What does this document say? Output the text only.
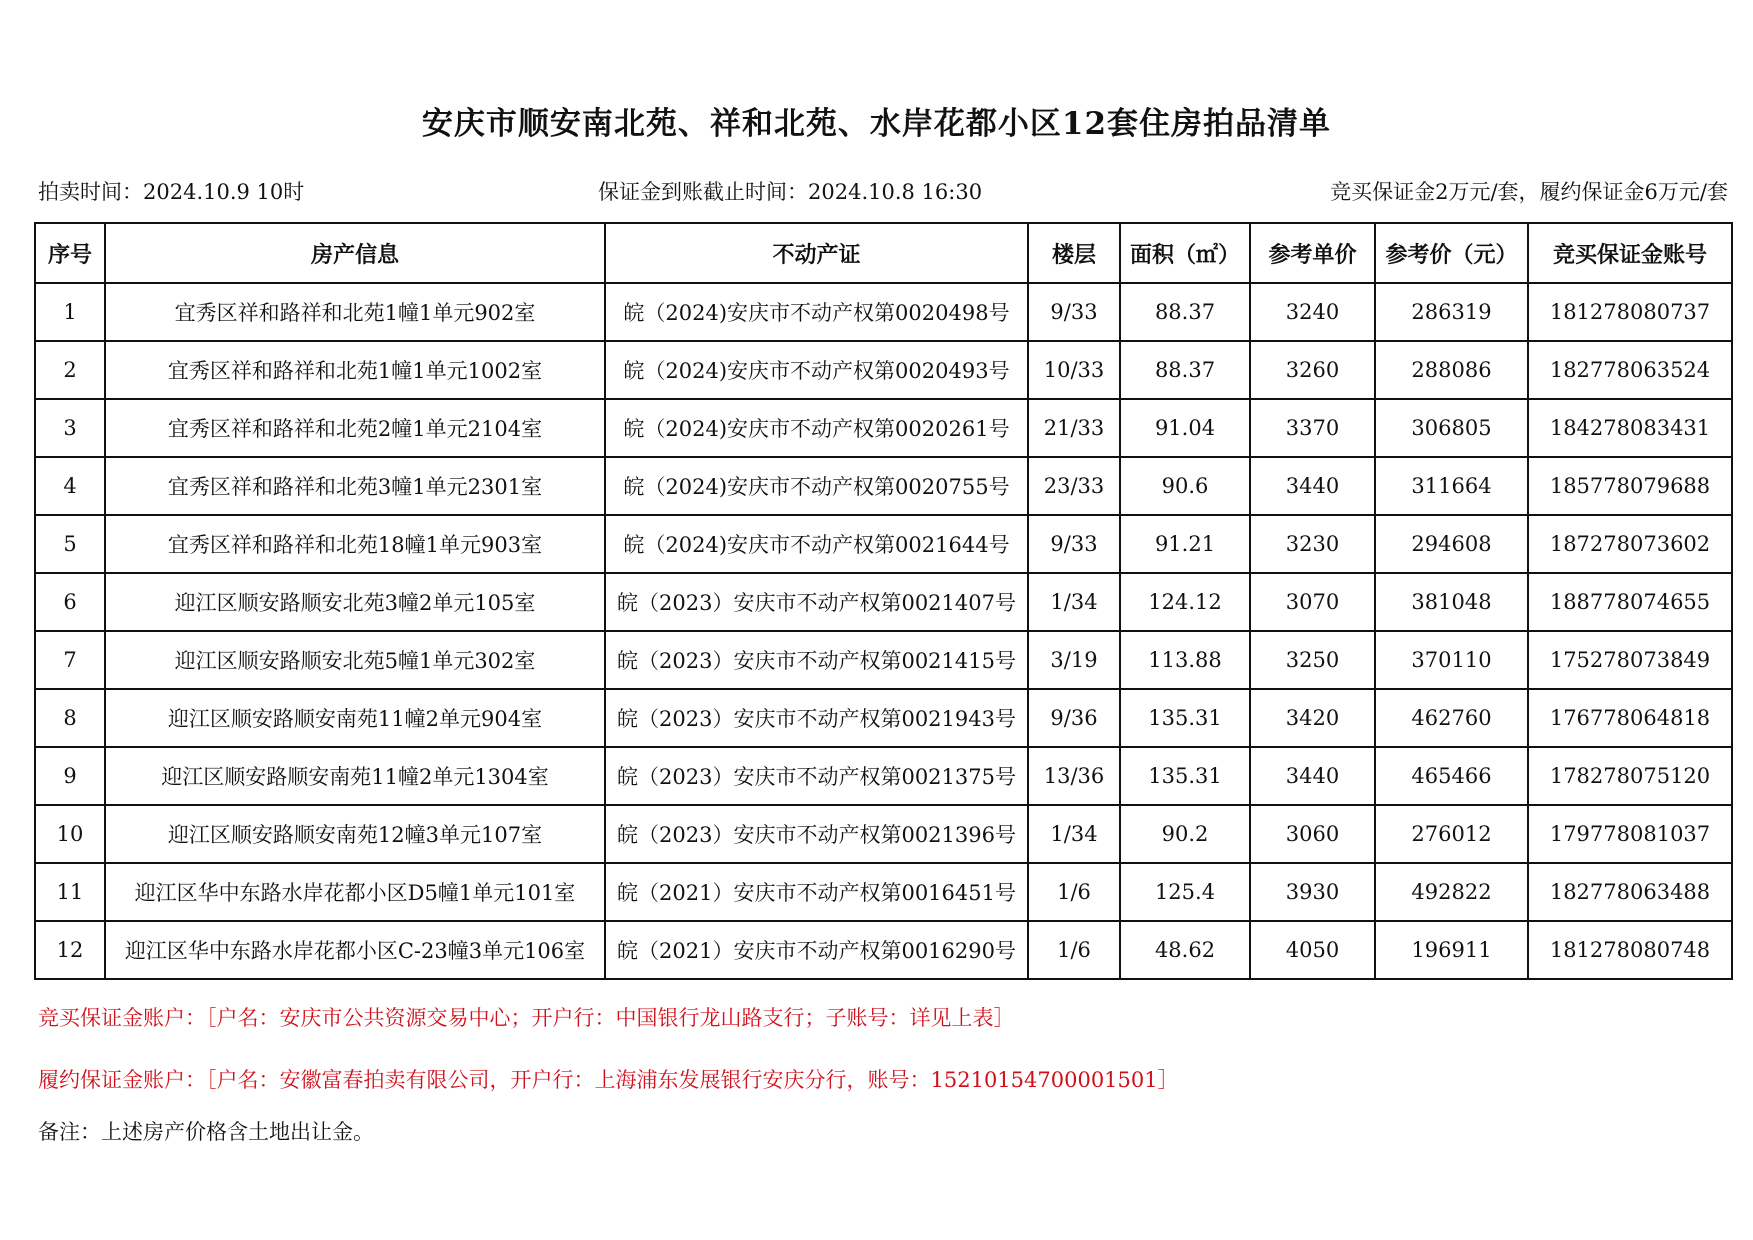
安庆市顺安南北苑、祥和北苑、水岸花都小区12套住房拍品清单
拍卖时间：2024.10.9 10时	保证金到账截止时间：2024.10.8 16:30	竞买保证金2万元/套，履约保证金6万元/套
序号	房产信息	不动产证	楼层	面积（㎡）	参考单价	参考价（元）	竞买保证金账号
1	宜秀区祥和路祥和北苑1幢1单元902室	皖（2024)安庆市不动产权第0020498号	9/33	88.37	3240	286319	181278080737
2	宜秀区祥和路祥和北苑1幢1单元1002室	皖（2024)安庆市不动产权第0020493号	10/33	88.37	3260	288086	182778063524
3	宜秀区祥和路祥和北苑2幢1单元2104室	皖（2024)安庆市不动产权第0020261号	21/33	91.04	3370	306805	184278083431
4	宜秀区祥和路祥和北苑3幢1单元2301室	皖（2024)安庆市不动产权第0020755号	23/33	90.6	3440	311664	185778079688
5	宜秀区祥和路祥和北苑18幢1单元903室	皖（2024)安庆市不动产权第0021644号	9/33	91.21	3230	294608	187278073602
6	迎江区顺安路顺安北苑3幢2单元105室	皖（2023）安庆市不动产权第0021407号	1/34	124.12	3070	381048	188778074655
7	迎江区顺安路顺安北苑5幢1单元302室	皖（2023）安庆市不动产权第0021415号	3/19	113.88	3250	370110	175278073849
8	迎江区顺安路顺安南苑11幢2单元904室	皖（2023）安庆市不动产权第0021943号	9/36	135.31	3420	462760	176778064818
9	迎江区顺安路顺安南苑11幢2单元1304室	皖（2023）安庆市不动产权第0021375号	13/36	135.31	3440	465466	178278075120
10	迎江区顺安路顺安南苑12幢3单元107室	皖（2023）安庆市不动产权第0021396号	1/34	90.2	3060	276012	179778081037
11	迎江区华中东路水岸花都小区D5幢1单元101室	皖（2021）安庆市不动产权第0016451号	1/6	125.4	3930	492822	182778063488
12	迎江区华中东路水岸花都小区C-23幢3单元106室	皖（2021）安庆市不动产权第0016290号	1/6	48.62	4050	196911	181278080748
竞买保证金账户：［户名：安庆市公共资源交易中心；开户行：中国银行龙山路支行；子账号：详见上表］
履约保证金账户：［户名：安徽富春拍卖有限公司，开户行：上海浦东发展银行安庆分行，账号：15210154700001501］
备注：上述房产价格含土地出让金。
